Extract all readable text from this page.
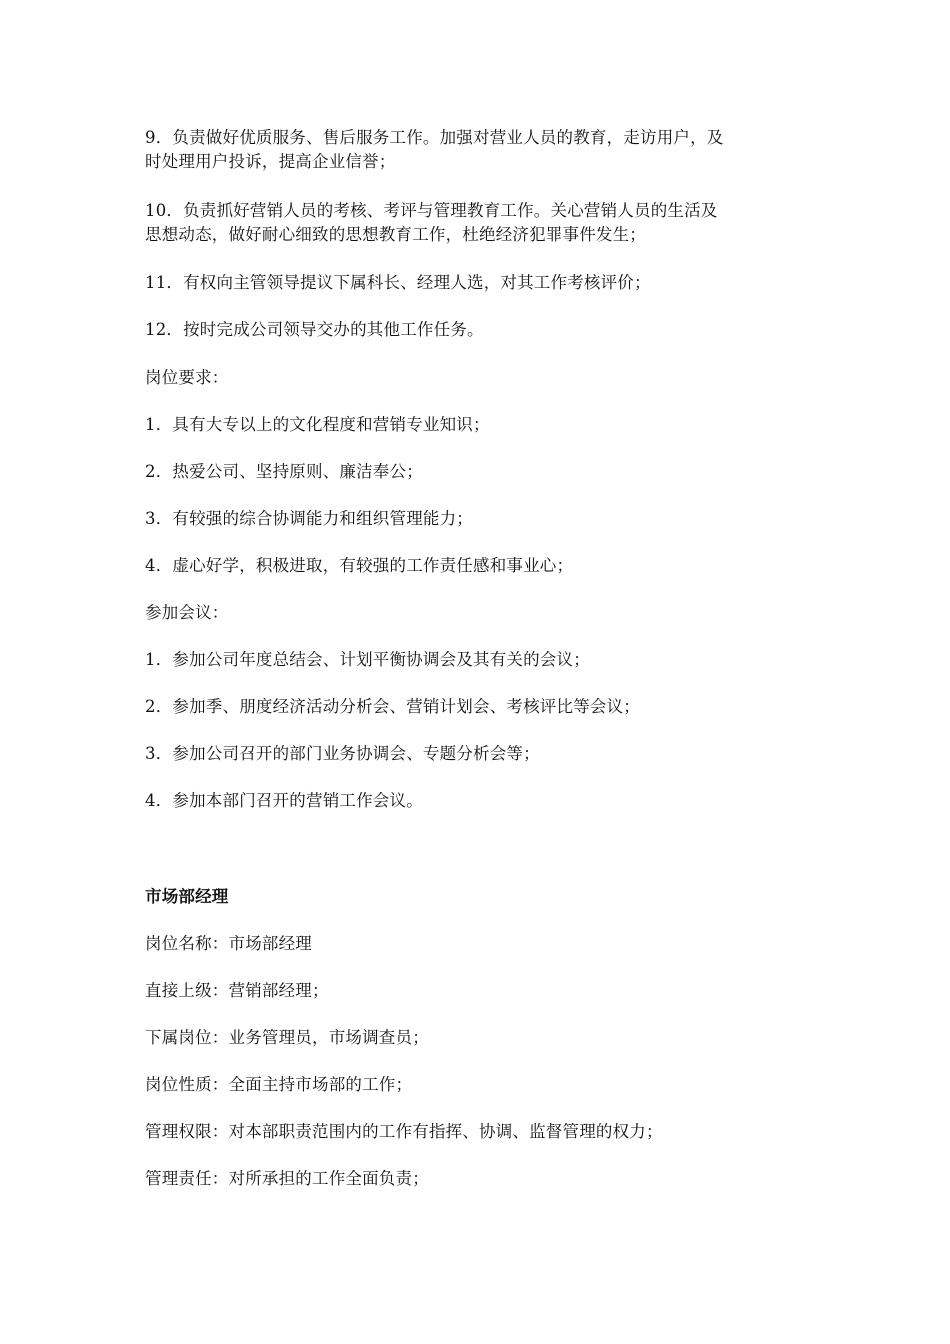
9．负责做好优质服务、售后服务工作。加强对营业人员的教育，走访用户，及
时处理用户投诉，提高企业信誉；
10．负责抓好营销人员的考核、考评与管理教育工作。关心营销人员的生活及
思想动态，做好耐心细致的思想教育工作，杜绝经济犯罪事件发生；
11．有权向主管领导提议下属科长、经理人选，对其工作考核评价；
12．按时完成公司领导交办的其他工作任务。
岗位要求：
1．具有大专以上的文化程度和营销专业知识；
2．热爱公司、坚持原则、廉洁奉公；
3．有较强的综合协调能力和组织管理能力；
4．虚心好学，积极进取，有较强的工作责任感和事业心；
参加会议：
1．参加公司年度总结会、计划平衡协调会及其有关的会议；
2．参加季、朋度经济活动分析会、营销计划会、考核评比等会议；
3．参加公司召开的部门业务协调会、专题分析会等；
4．参加本部门召开的营销工作会议。
市场部经理
岗位名称：市场部经理
直接上级：营销部经理；
下属岗位：业务管理员，市场调查员；
岗位性质：全面主持市场部的工作；
管理权限：对本部职责范围内的工作有指挥、协调、监督管理的权力；
管理责任：对所承担的工作全面负责；
